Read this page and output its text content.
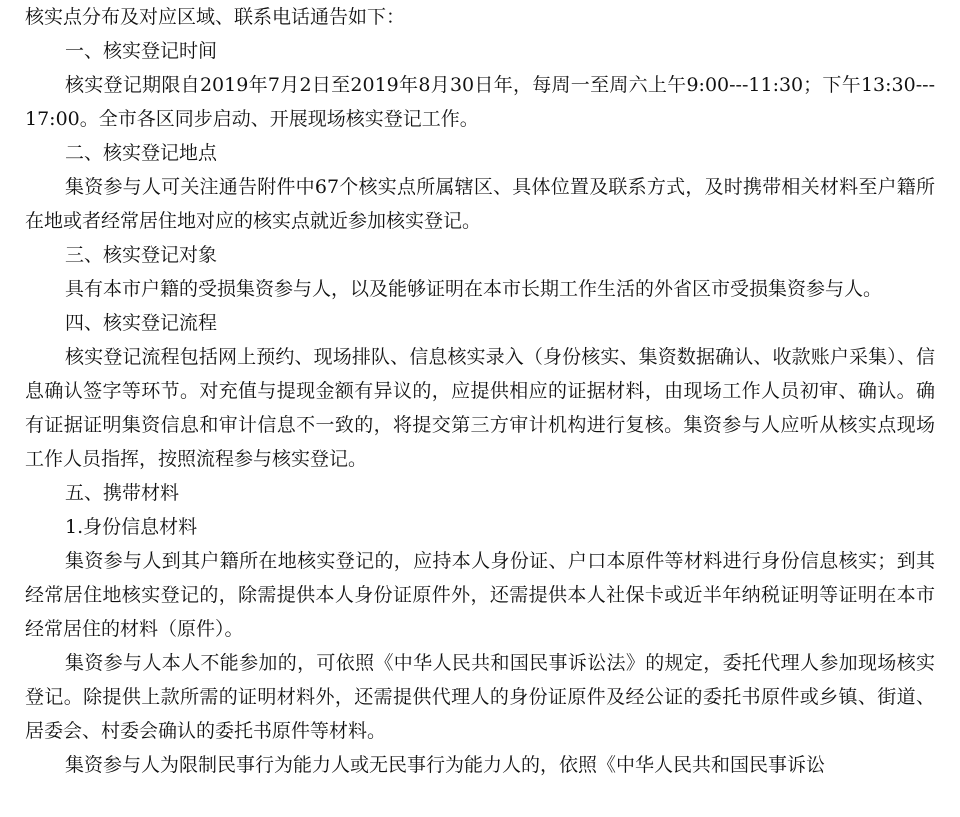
核实点分布及对应区域、联系电话通告如下：

一、核实登记时间

核实登记期限自2019年7月2日至2019年8月30日年，每周一至周六上午9:00---11:30；下午13:30---17:00。全市各区同步启动、开展现场核实登记工作。

二、核实登记地点

集资参与人可关注通告附件中67个核实点所属辖区、具体位置及联系方式，及时携带相关材料至户籍所在地或者经常居住地对应的核实点就近参加核实登记。

三、核实登记对象

具有本市户籍的受损集资参与人，以及能够证明在本市长期工作生活的外省区市受损集资参与人。

四、核实登记流程

核实登记流程包括网上预约、现场排队、信息核实录入（身份核实、集资数据确认、收款账户采集）、信息确认签字等环节。对充值与提现金额有异议的，应提供相应的证据材料，由现场工作人员初审、确认。确有证据证明集资信息和审计信息不一致的，将提交第三方审计机构进行复核。集资参与人应听从核实点现场工作人员指挥，按照流程参与核实登记。

五、携带材料

1.身份信息材料

集资参与人到其户籍所在地核实登记的，应持本人身份证、户口本原件等材料进行身份信息核实；到其经常居住地核实登记的，除需提供本人身份证原件外，还需提供本人社保卡或近半年纳税证明等证明在本市经常居住的材料（原件）。

集资参与人本人不能参加的，可依照《中华人民共和国民事诉讼法》的规定，委托代理人参加现场核实登记。除提供上款所需的证明材料外，还需提供代理人的身份证原件及经公证的委托书原件或乡镇、街道、居委会、村委会确认的委托书原件等材料。

集资参与人为限制民事行为能力人或无民事行为能力人的，依照《中华人民共和国民事诉讼
